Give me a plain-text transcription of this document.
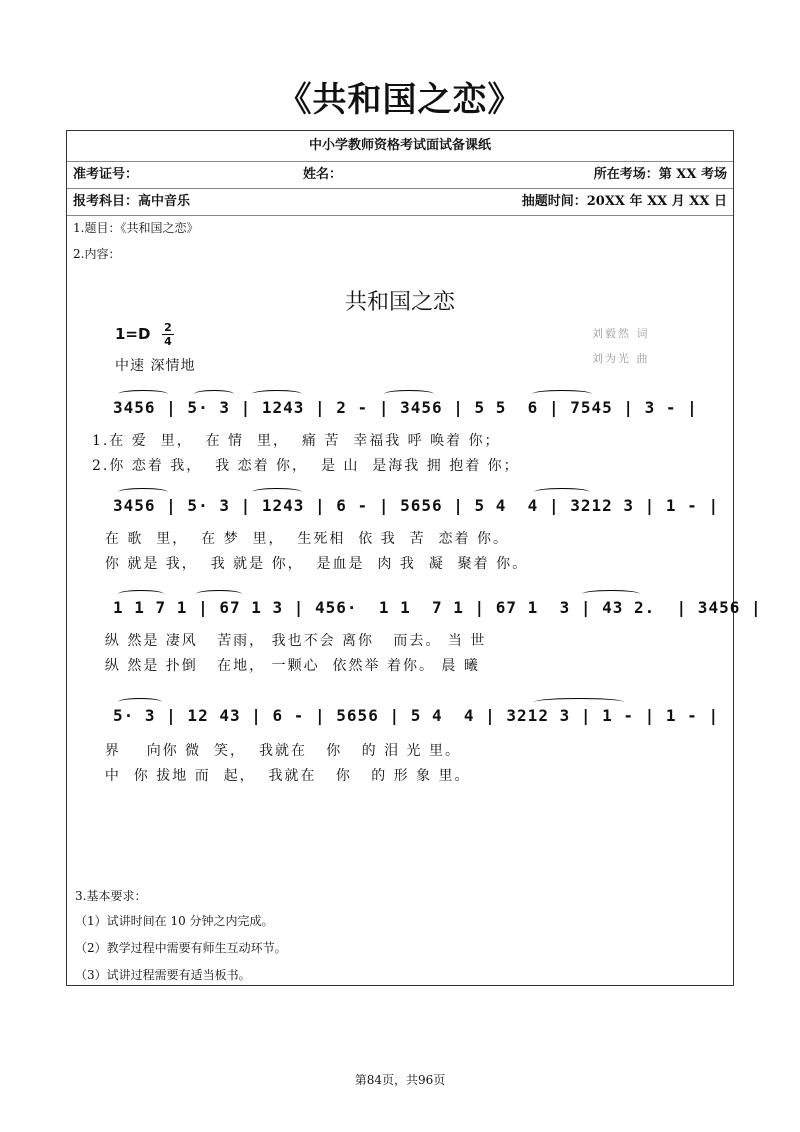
《共和国之恋》
中小学教师资格考试面试备课纸
准考证号：	姓名：	所在考场：第 XX 考场
报考科目：高中音乐	抽题时间：20XX 年 XX 月 XX 日
1.题目：《共和国之恋》
2.内容：
3.基本要求：
（1）试讲时间在 10 分钟之内完成。
（2）教学过程中需要有师生互动环节。
（3）试讲过程需要有适当板书。
共和国之恋
1=D 2
4
中速 深情地
刘毅然 词
刘为光 曲
3456 | 5· 3 | 1243 | 2 - | 3456 | 5 5  6 | 7545 | 3 - |
1.在 爱  里，  在 情  里，  痛 苦  幸福我 呼 唤着 你；
2.你 恋着 我，  我 恋着 你，  是 山  是海我 拥 抱着 你；
3456 | 5· 3 | 1243 | 6 - | 5656 | 5 4  4 | 3212 3 | 1 - |
在 歌  里，  在 梦  里，  生死相  依 我  苦  恋着 你。
你 就是 我，  我 就是 你，  是血是  肉 我  凝  聚着 你。
1 1 7 1 | 67 1 3 | 456·  1 1  7 1 | 67 1  3 | 43 2.  | 3456 |
纵 然是 凄风   苦雨， 我也不会 离你   而去。 当 世
纵 然是 扑倒   在地， 一颗心  依然举 着你。 晨 曦
5· 3 | 12 43 | 6 - | 5656 | 5 4  4 | 3212 3 | 1 - | 1 - |
界    向你 微  笑，  我就在   你   的 泪 光 里。
中  你 拔地 而  起，  我就在   你   的 形 象 里。
第84页，共96页
